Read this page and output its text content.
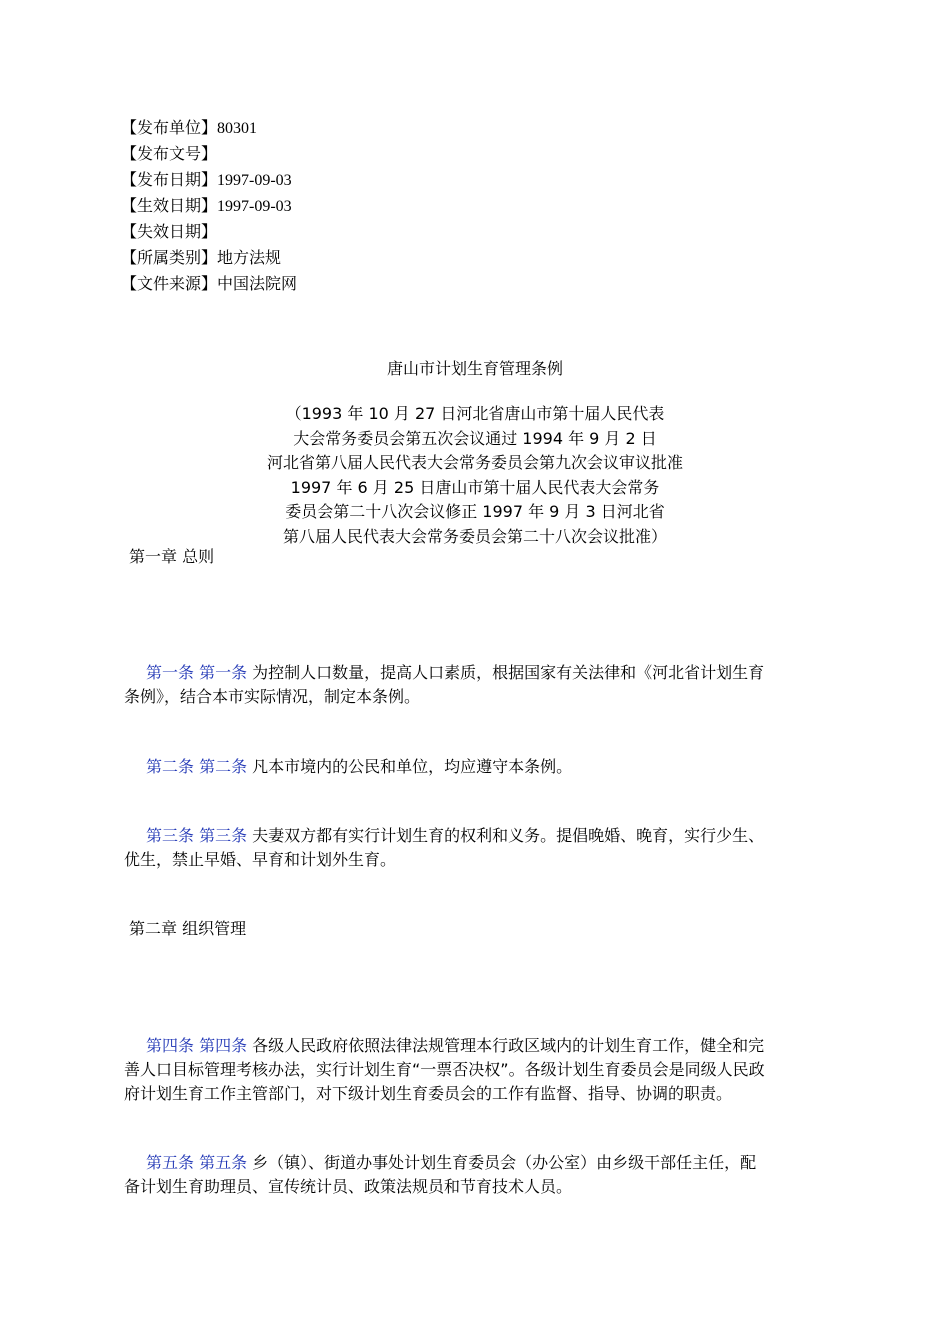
【发布单位】80301
【发布文号】
【发布日期】1997-09-03
【生效日期】1997-09-03
【失效日期】
【所属类别】地方法规
【文件来源】中国法院网
唐山市计划生育管理条例
（1993 年 10 月 27 日河北省唐山市第十届人民代表
大会常务委员会第五次会议通过 1994 年 9 月 2 日
河北省第八届人民代表大会常务委员会第九次会议审议批准
1997 年 6 月 25 日唐山市第十届人民代表大会常务
委员会第二十八次会议修正 1997 年 9 月 3 日河北省
第八届人民代表大会常务委员会第二十八次会议批准）
第一章 总则
第一条 第一条 为控制人口数量，提高人口素质，根据国家有关法律和《河北省计划生育
条例》，结合本市实际情况，制定本条例。
第二条 第二条 凡本市境内的公民和单位，均应遵守本条例。
第三条 第三条 夫妻双方都有实行计划生育的权利和义务。提倡晚婚、晚育，实行少生、
优生，禁止早婚、早育和计划外生育。
第二章 组织管理
第四条 第四条 各级人民政府依照法律法规管理本行政区域内的计划生育工作，健全和完
善人口目标管理考核办法，实行计划生育“一票否决权”。各级计划生育委员会是同级人民政
府计划生育工作主管部门，对下级计划生育委员会的工作有监督、指导、协调的职责。
第五条 第五条 乡（镇）、街道办事处计划生育委员会（办公室）由乡级干部任主任，配
备计划生育助理员、宣传统计员、政策法规员和节育技术人员。
